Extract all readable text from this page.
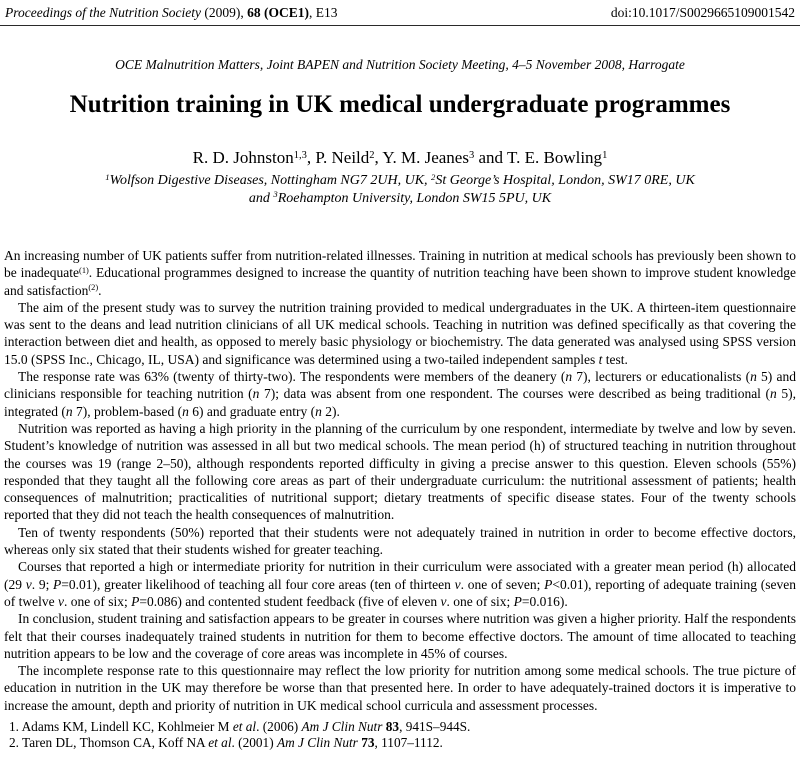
Proceedings of the Nutrition Society (2009), 68 (OCE1), E13	doi:10.1017/S0029665109001542
OCE Malnutrition Matters, Joint BAPEN and Nutrition Society Meeting, 4–5 November 2008, Harrogate
Nutrition training in UK medical undergraduate programmes
R. D. Johnston$^{1,3}$, P. Neild$^2$, Y. M. Jeanes$^3$ and T. E. Bowling$^1$
$^1$Wolfson Digestive Diseases, Nottingham NG7 2UH, UK, $^2$St George’s Hospital, London, SW17 0RE, UK
and $^3$Roehampton University, London SW15 5PU, UK

An increasing number of UK patients suffer from nutrition-related illnesses. Training in nutrition at medical schools has previously been shown to be inadequate$^{(1)}$. Educational programmes designed to increase the quantity of nutrition teaching have been shown to improve student knowledge and satisfaction$^{(2)}$.

The aim of the present study was to survey the nutrition training provided to medical undergraduates in the UK. A thirteen-item questionnaire was sent to the deans and lead nutrition clinicians of all UK medical schools. Teaching in nutrition was defined specifically as that covering the interaction between diet and health, as opposed to merely basic physiology or biochemistry. The data generated was analysed using SPSS version 15.0 (SPSS Inc., Chicago, IL, USA) and significance was determined using a two-tailed independent samples t test.

The response rate was 63% (twenty of thirty-two). The respondents were members of the deanery (n 7), lecturers or educationalists (n 5) and clinicians responsible for teaching nutrition (n 7); data was absent from one respondent. The courses were described as being traditional (n 5), integrated (n 7), problem-based (n 6) and graduate entry (n 2).

Nutrition was reported as having a high priority in the planning of the curriculum by one respondent, intermediate by twelve and low by seven. Student’s knowledge of nutrition was assessed in all but two medical schools. The mean period (h) of structured teaching in nutrition throughout the courses was 19 (range 2–50), although respondents reported difficulty in giving a precise answer to this question. Eleven schools (55%) responded that they taught all the following core areas as part of their undergraduate curriculum: the nutritional assessment of patients; health consequences of malnutrition; practicalities of nutritional support; dietary treatments of specific disease states. Four of the twenty schools reported that they did not teach the health consequences of malnutrition.

Ten of twenty respondents (50%) reported that their students were not adequately trained in nutrition in order to become effective doctors, whereas only six stated that their students wished for greater teaching.

Courses that reported a high or intermediate priority for nutrition in their curriculum were associated with a greater mean period (h) allocated (29 v. 9; P=0.01), greater likelihood of teaching all four core areas (ten of thirteen v. one of seven; P<0.01), reporting of adequate training (seven of twelve v. one of six; P=0.086) and contented student feedback (five of eleven v. one of six; P=0.016).

In conclusion, student training and satisfaction appears to be greater in courses where nutrition was given a higher priority. Half the respondents felt that their courses inadequately trained students in nutrition for them to become effective doctors. The amount of time allocated to teaching nutrition appears to be low and the coverage of core areas was incomplete in 45% of courses.

The incomplete response rate to this questionnaire may reflect the low priority for nutrition among some medical schools. The true picture of education in nutrition in the UK may therefore be worse than that presented here. In order to have adequately-trained doctors it is imperative to increase the amount, depth and priority of nutrition in UK medical school curricula and assessment processes.

1. Adams KM, Lindell KC, Kohlmeier M et al. (2006) Am J Clin Nutr 83, 941S–944S.

2. Taren DL, Thomson CA, Koff NA et al. (2001) Am J Clin Nutr 73, 1107–1112.
